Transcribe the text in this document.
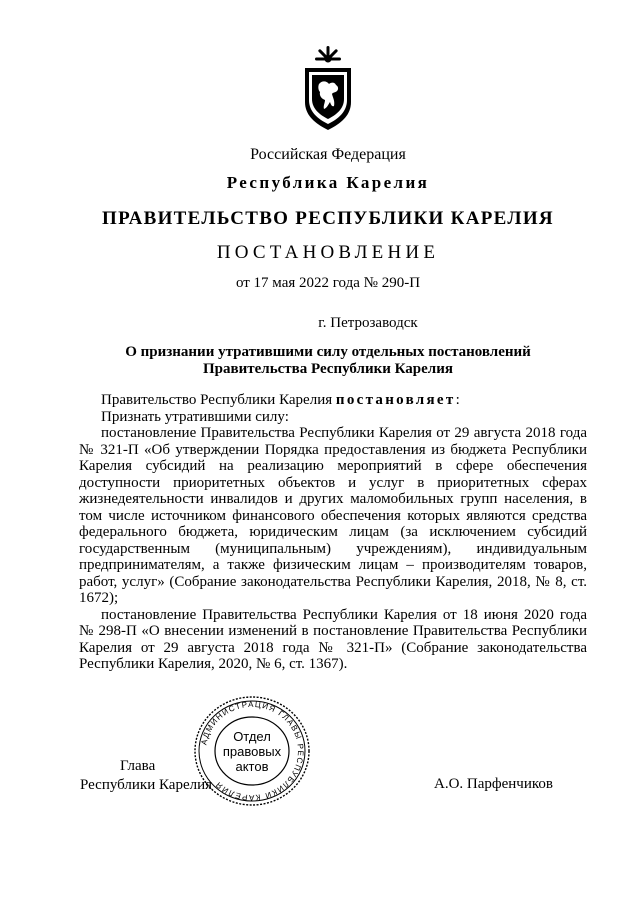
Российская Федерация
Республика Карелия
ПРАВИТЕЛЬСТВО РЕСПУБЛИКИ КАРЕЛИЯ
ПОСТАНОВЛЕНИЕ
от 17 мая 2022 года № 290-П
г. Петрозаводск
О признании утратившими силу отдельных постановлений
Правительства Республики Карелия

Правительство Республики Карелия постановляет:

Признать утратившими силу:

постановление Правительства Республики Карелия от 29 августа 2018 года № 321-П «Об утверждении Порядка предоставления из бюджета Республики Карелия субсидий на реализацию мероприятий в сфере обеспечения доступности приоритетных объектов и услуг в приоритетных сферах жизнедеятельности инвалидов и других маломобильных групп населения, в том числе источником финансового обеспечения которых являются средства федерального бюджета, юридическим лицам (за исключением субсидий государственным (муниципальным) учреждениям), индивидуальным предпринимателям, а также физическим лицам – производителям товаров, работ, услуг» (Собрание законодательства Республики Карелия, 2018, № 8, ст. 1672);

постановление Правительства Республики Карелия от 18 июня 2020 года № 298-П «О внесении изменений в постановление Правительства Республики Карелия от 29 августа 2018 года № 321-П» (Собрание законодательства Республики Карелия, 2020, № 6, ст. 1367).

АДМИНИСТРАЦИЯ ГЛАВЫ РЕСПУБЛИКИ КАРЕЛИЯ
Отдел
правовых
актов
Глава
Республики Карелия	А.О. Парфенчиков
